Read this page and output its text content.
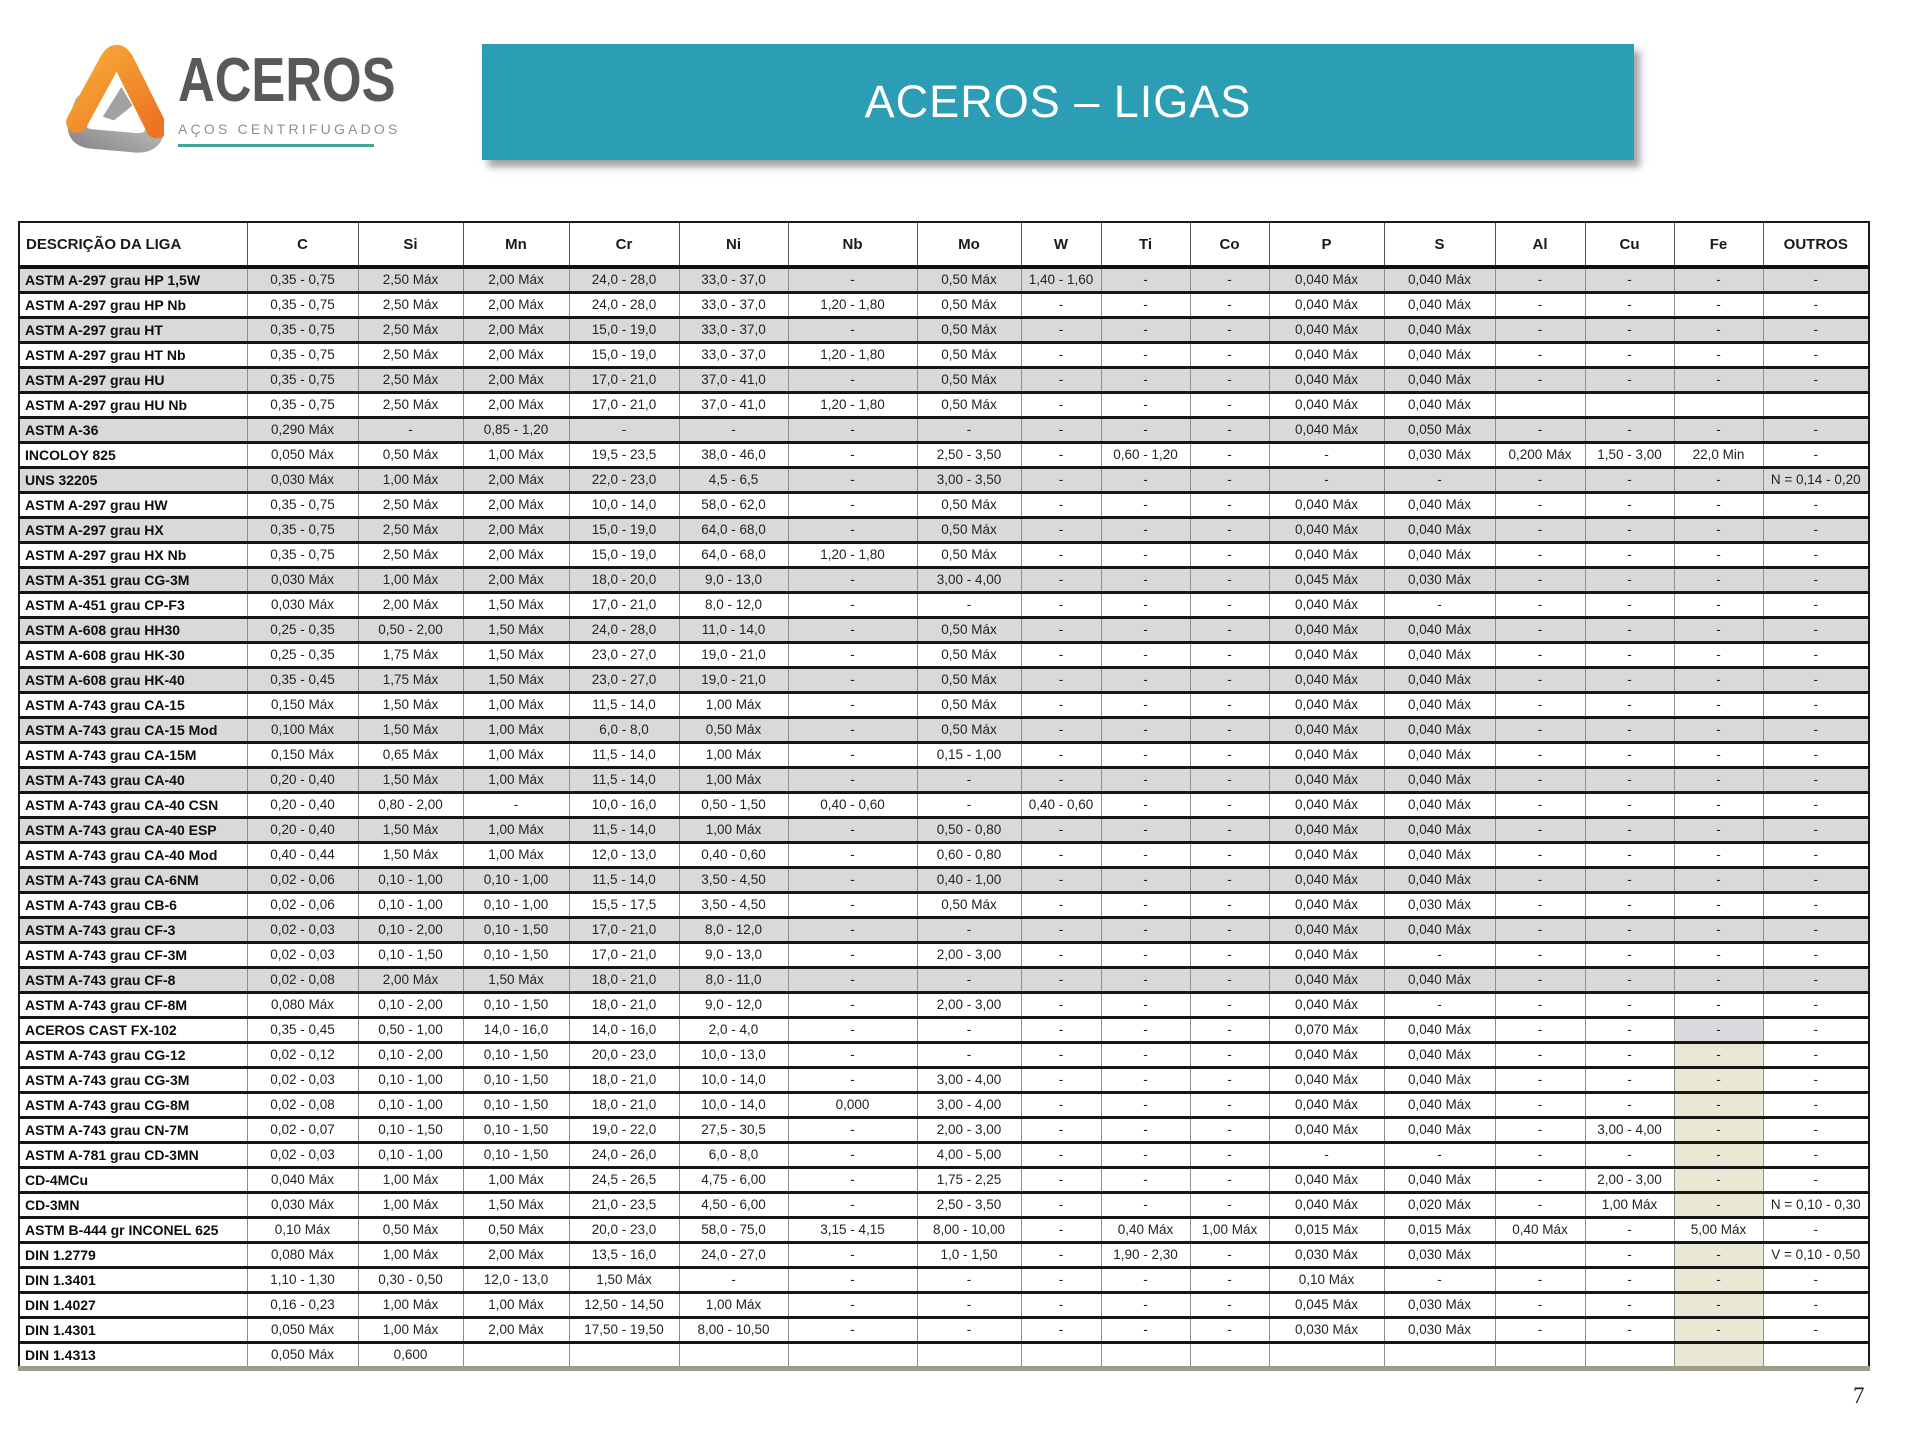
ACEROS
AÇOS CENTRIFUGADOS
ACEROS – LIGAS
DESCRIÇÃO DA LIGA	C	Si	Mn	Cr	Ni	Nb	Mo	W	Ti	Co	P	S	Al	Cu	Fe	OUTROS
ASTM A-297 grau HP 1,5W	0,35 - 0,75	2,50 Máx	2,00 Máx	24,0 - 28,0	33,0 - 37,0	-	0,50 Máx	1,40 - 1,60	-	-	0,040 Máx	0,040 Máx	-	-	-	-
ASTM A-297 grau HP Nb	0,35 - 0,75	2,50 Máx	2,00 Máx	24,0 - 28,0	33,0 - 37,0	1,20 - 1,80	0,50 Máx	-	-	-	0,040 Máx	0,040 Máx	-	-	-	-
ASTM A-297 grau HT	0,35 - 0,75	2,50 Máx	2,00 Máx	15,0 - 19,0	33,0 - 37,0	-	0,50 Máx	-	-	-	0,040 Máx	0,040 Máx	-	-	-	-
ASTM A-297 grau HT Nb	0,35 - 0,75	2,50 Máx	2,00 Máx	15,0 - 19,0	33,0 - 37,0	1,20 - 1,80	0,50 Máx	-	-	-	0,040 Máx	0,040 Máx	-	-	-	-
ASTM A-297 grau HU	0,35 - 0,75	2,50 Máx	2,00 Máx	17,0 - 21,0	37,0 - 41,0	-	0,50 Máx	-	-	-	0,040 Máx	0,040 Máx	-	-	-	-
ASTM A-297 grau HU Nb	0,35 - 0,75	2,50 Máx	2,00 Máx	17,0 - 21,0	37,0 - 41,0	1,20 - 1,80	0,50 Máx	-	-	-	0,040 Máx	0,040 Máx				
ASTM A-36	0,290 Máx	-	0,85 - 1,20	-	-	-	-	-	-	-	0,040 Máx	0,050 Máx	-	-	-	-
INCOLOY 825	0,050 Máx	0,50 Máx	1,00 Máx	19,5 - 23,5	38,0 - 46,0	-	2,50 - 3,50	-	0,60 - 1,20	-	-	0,030 Máx	0,200 Máx	1,50 - 3,00	22,0 Min	-
UNS 32205	0,030 Máx	1,00 Máx	2,00 Máx	22,0 - 23,0	4,5 - 6,5	-	3,00 - 3,50	-	-	-	-	-	-	-	-	N = 0,14 - 0,20
ASTM A-297 grau HW	0,35 - 0,75	2,50 Máx	2,00 Máx	10,0 - 14,0	58,0 - 62,0	-	0,50 Máx	-	-	-	0,040 Máx	0,040 Máx	-	-	-	-
ASTM A-297 grau HX	0,35 - 0,75	2,50 Máx	2,00 Máx	15,0 - 19,0	64,0 - 68,0	-	0,50 Máx	-	-	-	0,040 Máx	0,040 Máx	-	-	-	-
ASTM A-297 grau HX Nb	0,35 - 0,75	2,50 Máx	2,00 Máx	15,0 - 19,0	64,0 - 68,0	1,20 - 1,80	0,50 Máx	-	-	-	0,040 Máx	0,040 Máx	-	-	-	-
ASTM A-351 grau CG-3M	0,030 Máx	1,00 Máx	2,00 Máx	18,0 - 20,0	9,0 - 13,0	-	3,00 - 4,00	-	-	-	0,045 Máx	0,030 Máx	-	-	-	-
ASTM A-451 grau CP-F3	0,030 Máx	2,00 Máx	1,50 Máx	17,0 - 21,0	8,0 - 12,0	-	-	-	-	-	0,040 Máx	-	-	-	-	-
ASTM A-608 grau HH30	0,25 - 0,35	0,50 - 2,00	1,50 Máx	24,0 - 28,0	11,0 - 14,0	-	0,50 Máx	-	-	-	0,040 Máx	0,040 Máx	-	-	-	-
ASTM A-608 grau HK-30	0,25 - 0,35	1,75 Máx	1,50 Máx	23,0 - 27,0	19,0 - 21,0	-	0,50 Máx	-	-	-	0,040 Máx	0,040 Máx	-	-	-	-
ASTM A-608 grau HK-40	0,35 - 0,45	1,75 Máx	1,50 Máx	23,0 - 27,0	19,0 - 21,0	-	0,50 Máx	-	-	-	0,040 Máx	0,040 Máx	-	-	-	-
ASTM A-743 grau CA-15	0,150 Máx	1,50 Máx	1,00 Máx	11,5 - 14,0	1,00 Máx	-	0,50 Máx	-	-	-	0,040 Máx	0,040 Máx	-	-	-	-
ASTM A-743 grau CA-15 Mod	0,100 Máx	1,50 Máx	1,00 Máx	6,0 - 8,0	0,50 Máx	-	0,50 Máx	-	-	-	0,040 Máx	0,040 Máx	-	-	-	-
ASTM A-743 grau CA-15M	0,150 Máx	0,65 Máx	1,00 Máx	11,5 - 14,0	1,00 Máx	-	0,15 - 1,00	-	-	-	0,040 Máx	0,040 Máx	-	-	-	-
ASTM A-743 grau CA-40	0,20 - 0,40	1,50 Máx	1,00 Máx	11,5 - 14,0	1,00 Máx	-	-	-	-	-	0,040 Máx	0,040 Máx	-	-	-	-
ASTM A-743 grau CA-40 CSN	0,20 - 0,40	0,80 - 2,00	-	10,0 - 16,0	0,50 - 1,50	0,40 - 0,60	-	0,40 - 0,60	-	-	0,040 Máx	0,040 Máx	-	-	-	-
ASTM A-743 grau CA-40 ESP	0,20 - 0,40	1,50 Máx	1,00 Máx	11,5 - 14,0	1,00 Máx	-	0,50 - 0,80	-	-	-	0,040 Máx	0,040 Máx	-	-	-	-
ASTM A-743 grau CA-40 Mod	0,40 - 0,44	1,50 Máx	1,00 Máx	12,0 - 13,0	0,40 - 0,60	-	0,60 - 0,80	-	-	-	0,040 Máx	0,040 Máx	-	-	-	-
ASTM A-743 grau CA-6NM	0,02 - 0,06	0,10 - 1,00	0,10 - 1,00	11,5 - 14,0	3,50 - 4,50	-	0,40 - 1,00	-	-	-	0,040 Máx	0,040 Máx	-	-	-	-
ASTM A-743 grau CB-6	0,02 - 0,06	0,10 - 1,00	0,10 - 1,00	15,5 - 17,5	3,50 - 4,50	-	0,50 Máx	-	-	-	0,040 Máx	0,030 Máx	-	-	-	-
ASTM A-743 grau CF-3	0,02 - 0,03	0,10 - 2,00	0,10 - 1,50	17,0 - 21,0	8,0 - 12,0	-	-	-	-	-	0,040 Máx	0,040 Máx	-	-	-	-
ASTM A-743 grau CF-3M	0,02 - 0,03	0,10 - 1,50	0,10 - 1,50	17,0 - 21,0	9,0 - 13,0	-	2,00 - 3,00	-	-	-	0,040 Máx	-	-	-	-	-
ASTM A-743 grau CF-8	0,02 - 0,08	2,00 Máx	1,50 Máx	18,0 - 21,0	8,0 - 11,0	-	-	-	-	-	0,040 Máx	0,040 Máx	-	-	-	-
ASTM A-743 grau CF-8M	0,080 Máx	0,10 - 2,00	0,10 - 1,50	18,0 - 21,0	9,0 - 12,0	-	2,00 - 3,00	-	-	-	0,040 Máx	-	-	-	-	-
ACEROS CAST FX-102	0,35 - 0,45	0,50 - 1,00	14,0 - 16,0	14,0 - 16,0	2,0 - 4,0	-	-	-	-	-	0,070 Máx	0,040 Máx	-	-	-	-
ASTM A-743 grau CG-12	0,02 - 0,12	0,10 - 2,00	0,10 - 1,50	20,0 - 23,0	10,0 - 13,0	-	-	-	-	-	0,040 Máx	0,040 Máx	-	-	-	-
ASTM A-743 grau CG-3M	0,02 - 0,03	0,10 - 1,00	0,10 - 1,50	18,0 - 21,0	10,0 - 14,0	-	3,00 - 4,00	-	-	-	0,040 Máx	0,040 Máx	-	-	-	-
ASTM A-743 grau CG-8M	0,02 - 0,08	0,10 - 1,00	0,10 - 1,50	18,0 - 21,0	10,0 - 14,0	0,000	3,00 - 4,00	-	-	-	0,040 Máx	0,040 Máx	-	-	-	-
ASTM A-743 grau CN-7M	0,02 - 0,07	0,10 - 1,50	0,10 - 1,50	19,0 - 22,0	27,5 - 30,5	-	2,00 - 3,00	-	-	-	0,040 Máx	0,040 Máx	-	3,00 - 4,00	-	-
ASTM A-781 grau CD-3MN	0,02 - 0,03	0,10 - 1,00	0,10 - 1,50	24,0 - 26,0	6,0 - 8,0	-	4,00 - 5,00	-	-	-	-	-	-	-	-	-
CD-4MCu	0,040 Máx	1,00 Máx	1,00 Máx	24,5 - 26,5	4,75 - 6,00	-	1,75 - 2,25	-	-	-	0,040 Máx	0,040 Máx	-	2,00 - 3,00	-	-
CD-3MN	0,030 Máx	1,00 Máx	1,50 Máx	21,0 - 23,5	4,50 - 6,00	-	2,50 - 3,50	-	-	-	0,040 Máx	0,020 Máx	-	1,00 Máx	-	N = 0,10 - 0,30
ASTM B-444 gr INCONEL 625	0,10 Máx	0,50 Máx	0,50 Máx	20,0 - 23,0	58,0 - 75,0	3,15 - 4,15	8,00 - 10,00	-	0,40 Máx	1,00 Máx	0,015 Máx	0,015 Máx	0,40 Máx	-	5,00 Máx	-
DIN 1.2779	0,080 Máx	1,00 Máx	2,00 Máx	13,5 - 16,0	24,0 - 27,0	-	1,0 - 1,50	-	1,90 - 2,30	-	0,030 Máx	0,030 Máx		-	-	V = 0,10 - 0,50
DIN 1.3401	1,10 - 1,30	0,30 - 0,50	12,0 - 13,0	1,50 Máx	-	-	-	-	-	-	0,10 Máx	-	-	-	-	-
DIN 1.4027	0,16 - 0,23	1,00 Máx	1,00 Máx	12,50 - 14,50	1,00 Máx	-	-	-	-	-	0,045 Máx	0,030 Máx	-	-	-	-
DIN 1.4301	0,050 Máx	1,00 Máx	2,00 Máx	17,50 - 19,50	8,00 - 10,50	-	-	-	-	-	0,030 Máx	0,030 Máx	-	-	-	-
DIN 1.4313	0,050 Máx	0,600														
7
